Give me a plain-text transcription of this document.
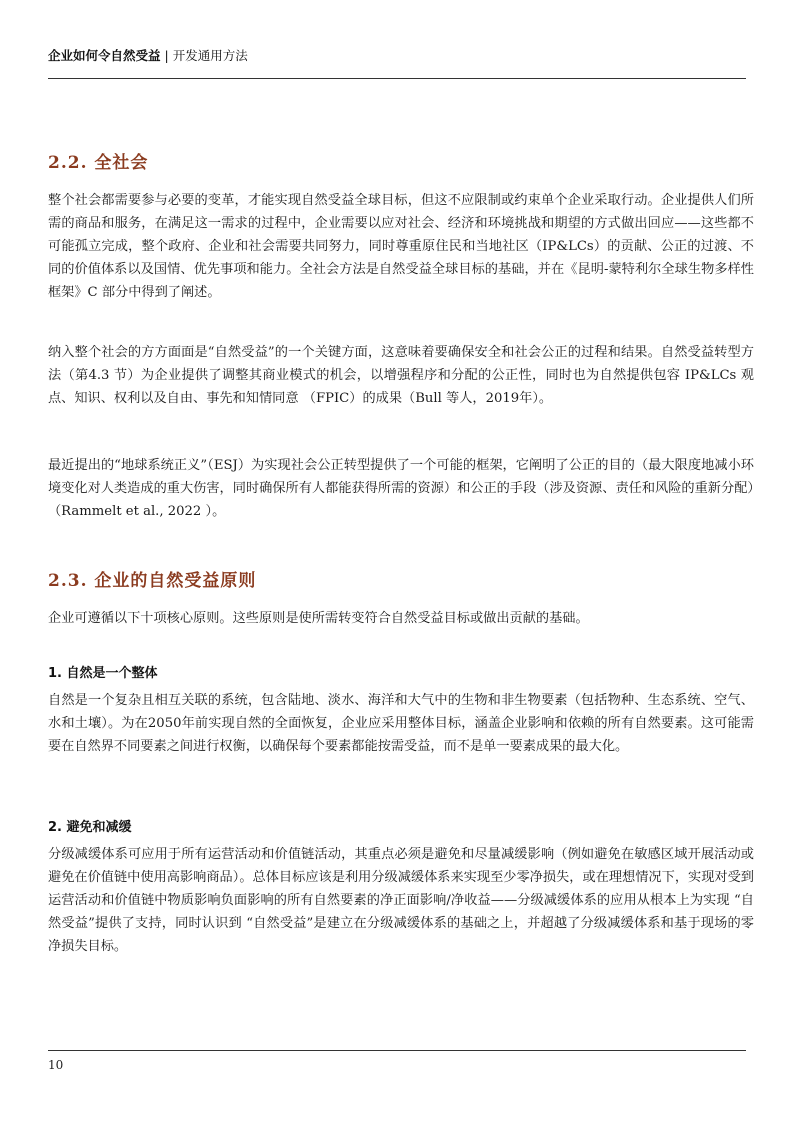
企业如何令自然受益 | 开发通用方法
2.2. 全社会

整个社会都需要参与必要的变革，才能实现自然受益全球目标，但这不应限制或约束单个企业采取行动。企业提供人们所需的商品和服务，在满足这一需求的过程中，企业需要以应对社会、经济和环境挑战和期望的方式做出回应——这些都不可能孤立完成，整个政府、企业和社会需要共同努力，同时尊重原住民和当地社区（IP&LCs）的贡献、公正的过渡、不同的价值体系以及国情、优先事项和能力。全社会方法是自然受益全球目标的基础，并在《昆明-蒙特利尔全球生物多样性框架》C 部分中得到了阐述。

纳入整个社会的方方面面是“自然受益”的一个关键方面，这意味着要确保安全和社会公正的过程和结果。自然受益转型方法（第4.3 节）为企业提供了调整其商业模式的机会，以增强程序和分配的公正性，同时也为自然提供包容 IP&LCs 观点、知识、权利以及自由、事先和知情同意 （FPIC）的成果（Bull 等人，2019年）。

最近提出的“地球系统正义”（ESJ）为实现社会公正转型提供了一个可能的框架，它阐明了公正的目的（最大限度地减小环境变化对人类造成的重大伤害，同时确保所有人都能获得所需的资源）和公正的手段（涉及资源、责任和风险的重新分配）（Rammelt et al., 2022 ）。

2.3. 企业的自然受益原则

企业可遵循以下十项核心原则。这些原则是使所需转变符合自然受益目标或做出贡献的基础。

1. 自然是一个整体

自然是一个复杂且相互关联的系统，包含陆地、淡水、海洋和大气中的生物和非生物要素（包括物种、生态系统、空气、水和土壤）。为在2050年前实现自然的全面恢复，企业应采用整体目标，涵盖企业影响和依赖的所有自然要素。这可能需要在自然界不同要素之间进行权衡，以确保每个要素都能按需受益，而不是单一要素成果的最大化。

2. 避免和减缓

分级减缓体系可应用于所有运营活动和价值链活动，其重点必须是避免和尽量减缓影响（例如避免在敏感区域开展活动或避免在价值链中使用高影响商品）。总体目标应该是利用分级减缓体系来实现至少零净损失，或在理想情况下，实现对受到运营活动和价值链中物质影响负面影响的所有自然要素的净正面影响/净收益——分级减缓体系的应用从根本上为实现 “自然受益”提供了支持，同时认识到 “自然受益”是建立在分级减缓体系的基础之上，并超越了分级减缓体系和基于现场的零净损失目标。

10
